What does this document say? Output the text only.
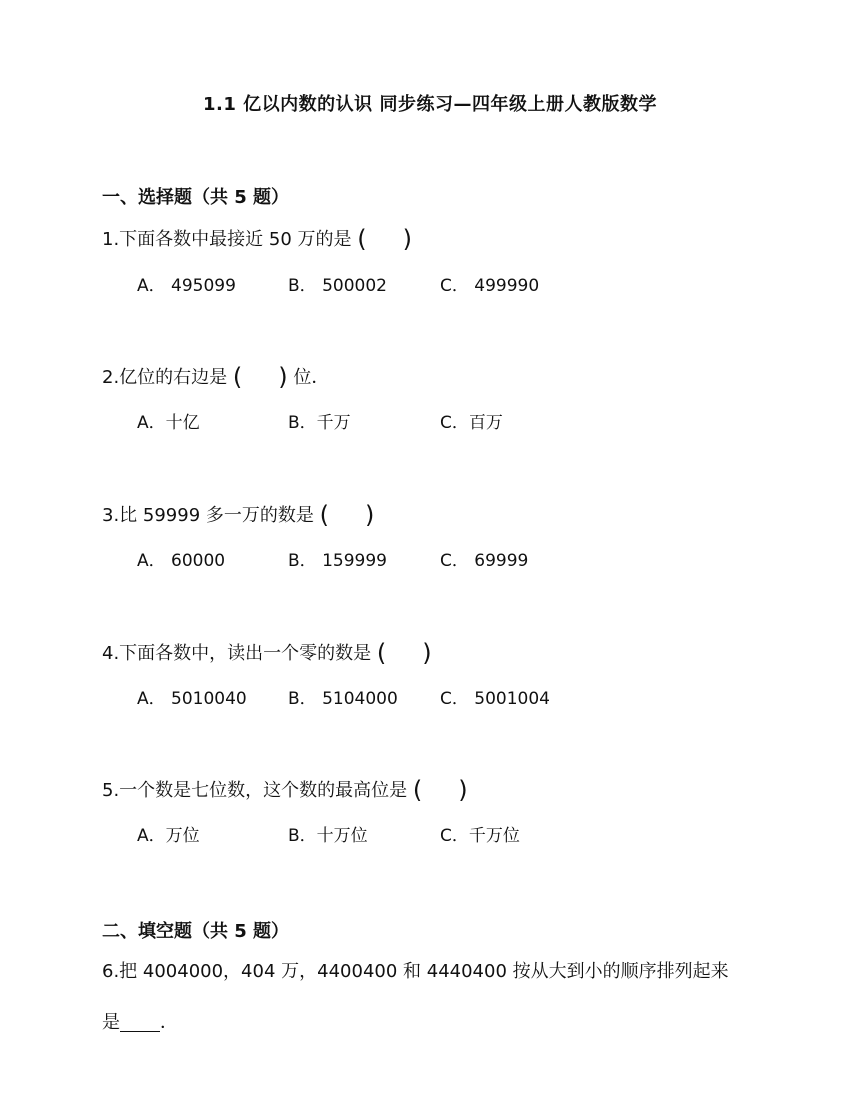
1.1 亿以内数的认识 同步练习—四年级上册人教版数学
一、选择题（共 5 题）
1.下面各数中最接近 50 万的是 ( )
A． 495099	B． 500002	C． 499990
2.亿位的右边是 ( ) 位．
A．十亿	B．千万	C．百万
3.比 59999 多一万的数是 ( )
A． 60000	B． 159999	C． 69999
4.下面各数中，读出一个零的数是 ( )
A． 5010040 B． 5104000 C． 5001004
5.一个数是七位数，这个数的最高位是 ( )
A．万位	B．十万位	C．千万位
二、填空题（共 5 题）
6.把 4004000，404 万，4400400 和 4440400 按从大到小的顺序排列起来
是 ．
